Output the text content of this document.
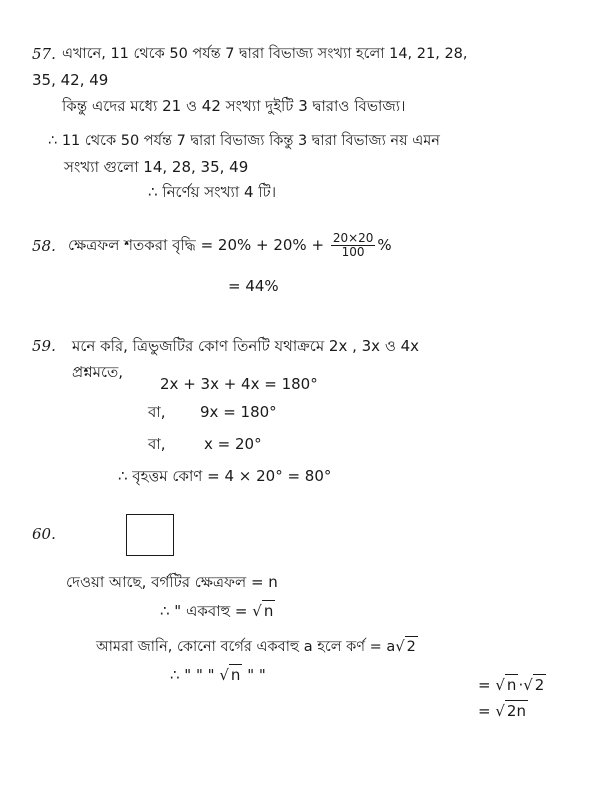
57. এখানে, 11 থেকে 50 পর্যন্ত 7 দ্বারা বিভাজ্য সংখ্যা হলো 14, 21, 28,
35, 42, 49
কিন্তু এদের মধ্যে 21 ও 42 সংখ্যা দুইটি 3 দ্বারাও বিভাজ্য।
∴ 11 থেকে 50 পর্যন্ত 7 দ্বারা বিভাজ্য কিন্তু 3 দ্বারা বিভাজ্য নয় এমন
সংখ্যা গুলো 14, 28, 35, 49
∴ নির্ণেয় সংখ্যা 4 টি।
58. ক্ষেত্রফল শতকরা বৃদ্ধি = $20\% + 20\% + \frac{20\times 20}{100}$ %
= 44%
59. মনে করি, ত্রিভুজটির কোণ তিনটি যথাক্রমে 2x , 3x ও 4x
প্রশ্নমতে,
2x + 3x + 4x = 180°
বা, 9x = 180°
বা,	x = 20°
∴ বৃহত্তম কোণ = 4 × 20° = 80°
60.
দেওয়া আছে, বর্গটির ক্ষেত্রফল = n
∴ " একবাহু = √ n
আমরা জানি, কোনো বর্গের একবাহু a হলে কর্ণ = a√ 2
∴ " " " √ n " "
= √ n ·√ 2
= √ 2n
